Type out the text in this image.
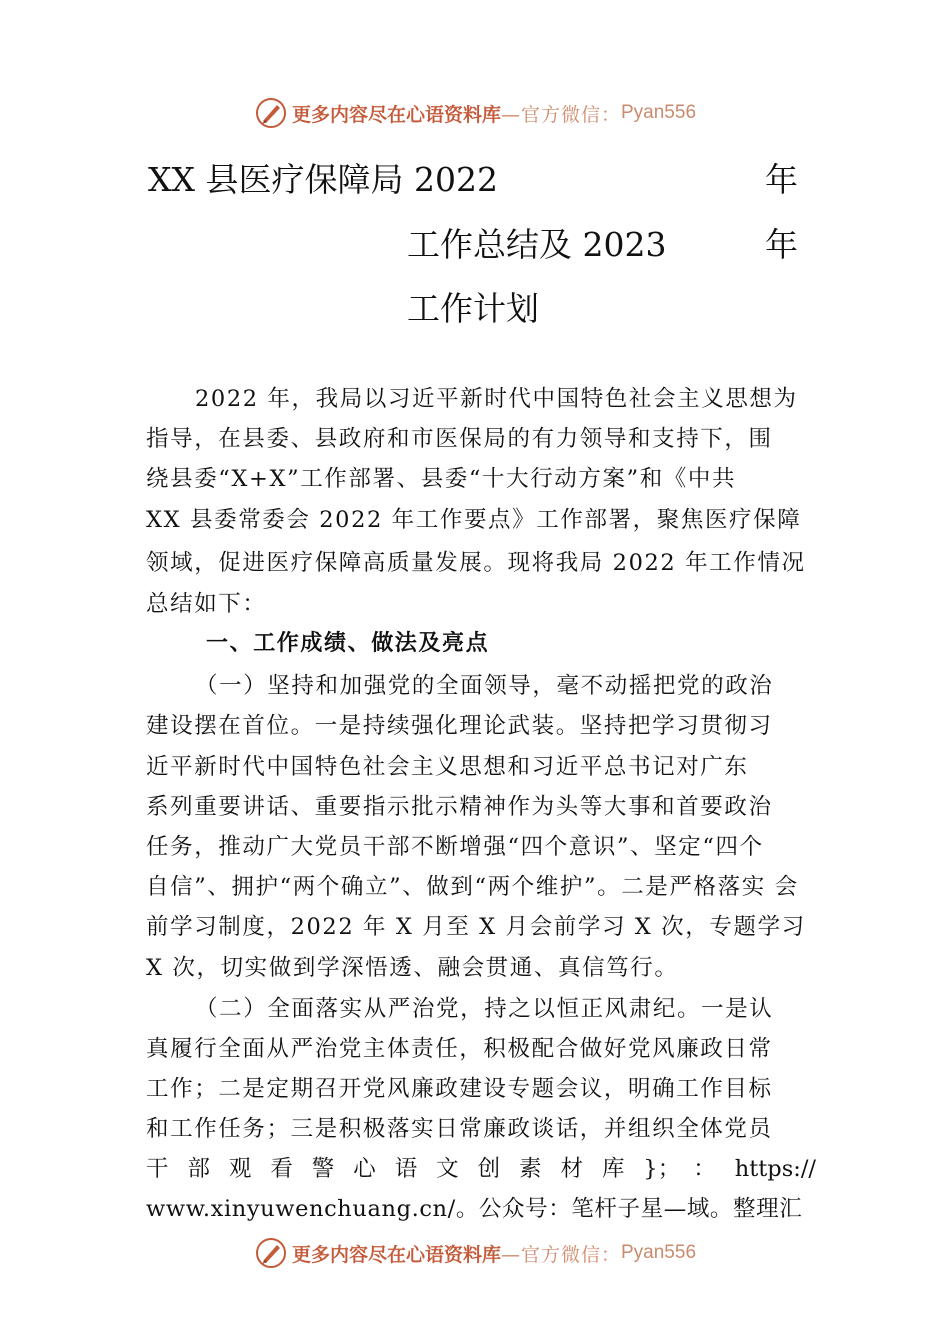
更多内容尽在心语资料库 —官方微信： Pyan556
XX 县医疗保障局 2022	年
工作总结及 2023	年
工作计划
2022 年，我局以习近平新时代中国特色社会主义思想为
指导，在县委、县政府和市医保局的有力领导和支持下，围
绕县委“X+X”工作部署、县委“十大行动方案”和《中共
XX 县委常委会 2022 年工作要点》工作部署，聚焦医疗保障
领域，促进医疗保障高质量发展。现将我局 2022 年工作情况
总结如下：
一、工作成绩、做法及亮点
（一）坚持和加强党的全面领导，毫不动摇把党的政治
建设摆在首位。一是持续强化理论武装。坚持把学习贯彻习
近平新时代中国特色社会主义思想和习近平总书记对广东
系列重要讲话、重要指示批示精神作为头等大事和首要政治
任务，推动广大党员干部不断增强“四个意识”、坚定“四个
自信”、拥护“两个确立”、做到“两个维护”。二是严格落实 会
前学习制度，2022 年 X 月至 X 月会前学习 X 次，专题学习
X 次，切实做到学深悟透、融会贯通、真信笃行。
（二）全面落实从严治党，持之以恒正风肃纪。一是认
真履行全面从严治党主体责任，积极配合做好党风廉政日常
工作；二是定期召开党风廉政建设专题会议，明确工作目标
和工作任务；三是积极落实日常廉政谈话，并组织全体党员
干 部 观 看 警 心 语 文 创 素 材 库 }； ： https://
www.xinyuwenchuang.cn/。公众号：笔杆子星—域。整理汇
更多内容尽在心语资料库 —官方微信： Pyan556
